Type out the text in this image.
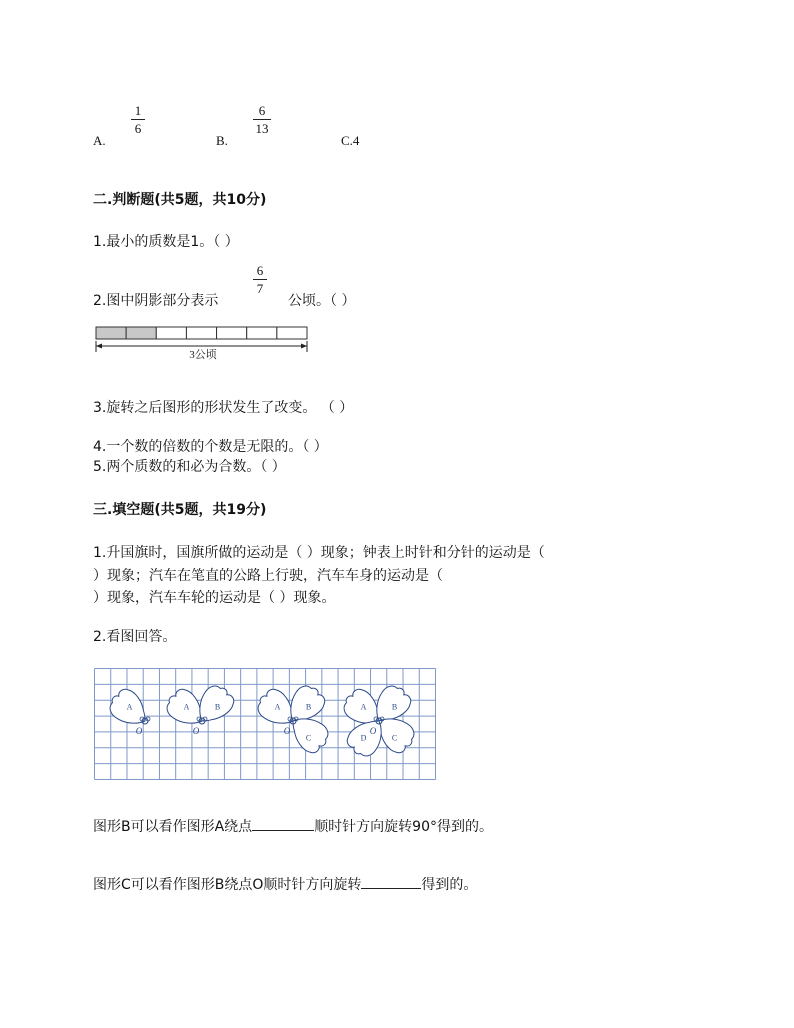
A.
1
6
B.
6
13
C.4
二.判断题(共5题，共10分)
1.最小的质数是1。（ ）
2.图中阴影部分表示
6
7
公顷。（ ）
3公顷
3.旋转之后图形的形状发生了改变。 （ ）
4.一个数的倍数的个数是无限的。（ ）
5.两个质数的和必为合数。（ ）
三.填空题(共5题，共19分)
1.升国旗时，国旗所做的运动是（ ）现象；钟表上时针和分针的运动是（
）现象；汽车在笔直的公路上行驶，汽车车身的运动是（
）现象，汽车车轮的运动是（ ）现象。
2.看图回答。
A
O
A	B
O
A	B
C
O
A	B
C
D
O
图形B可以看作图形A绕点	顺时针方向旋转90°得到的。
图形C可以看作图形B绕点O顺时针方向旋转	得到的。
